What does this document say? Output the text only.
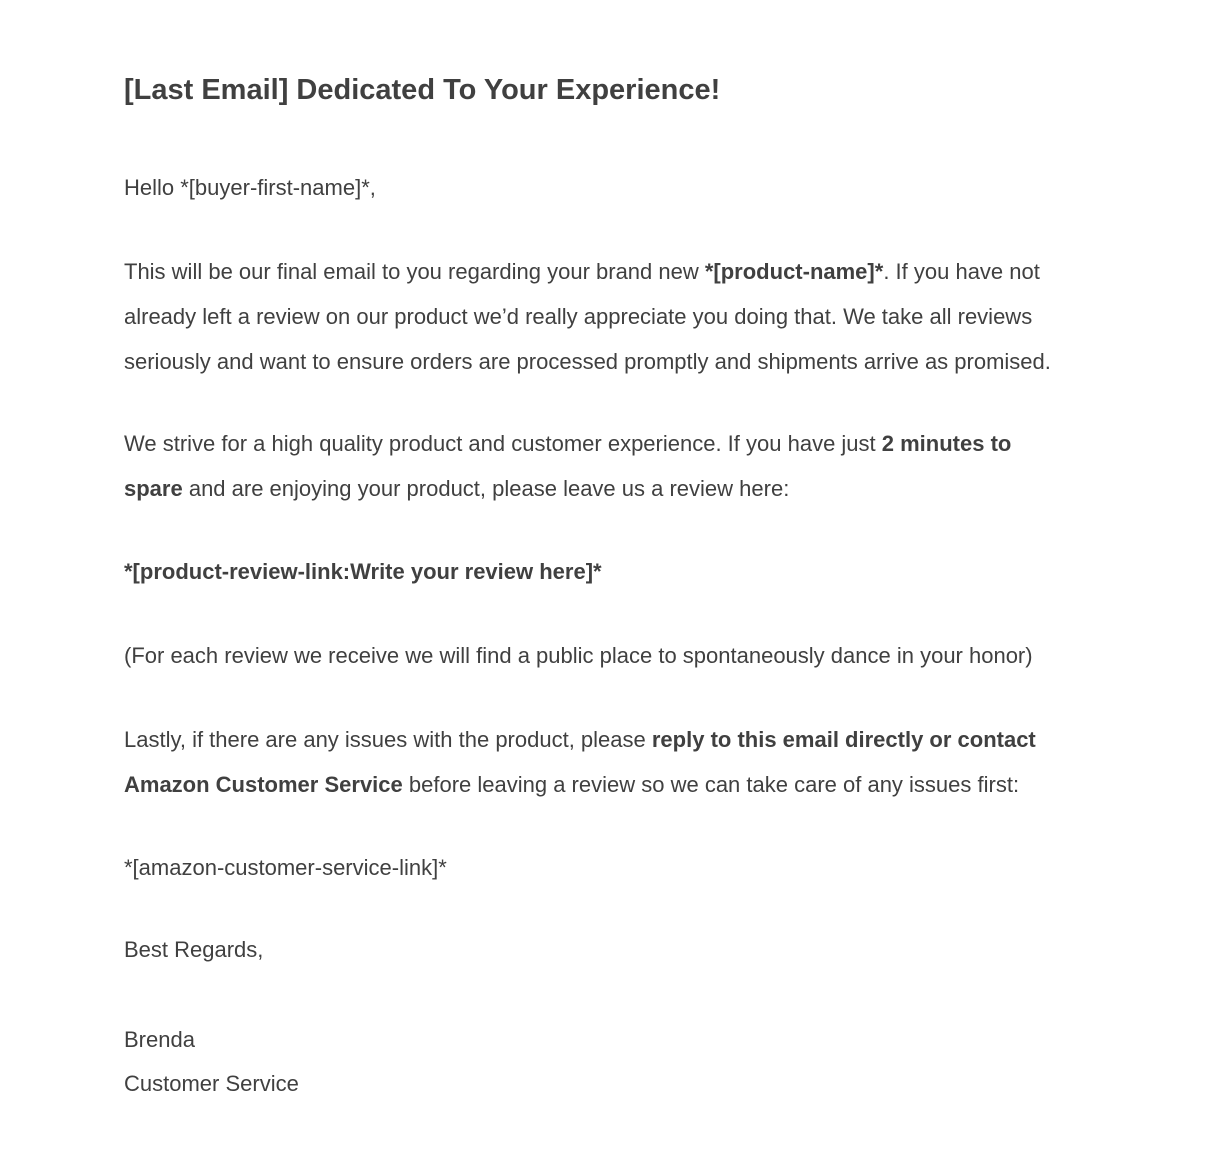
[Last Email] Dedicated To Your Experience!

Hello *[buyer-first-name]*,

This will be our final email to you regarding your brand new *[product-name]*. If you have not
already left a review on our product we’d really appreciate you doing that. We take all reviews
seriously and want to ensure orders are processed promptly and shipments arrive as promised.
We strive for a high quality product and customer experience. If you have just 2 minutes to
spare and are enjoying your product, please leave us a review here:

*[product-review-link:Write your review here]*

(For each review we receive we will find a public place to spontaneously dance in your honor)

Lastly, if there are any issues with the product, please reply to this email directly or contact
Amazon Customer Service before leaving a review so we can take care of any issues first:

*[amazon-customer-service-link]*

Best Regards,

Brenda

Customer Service
